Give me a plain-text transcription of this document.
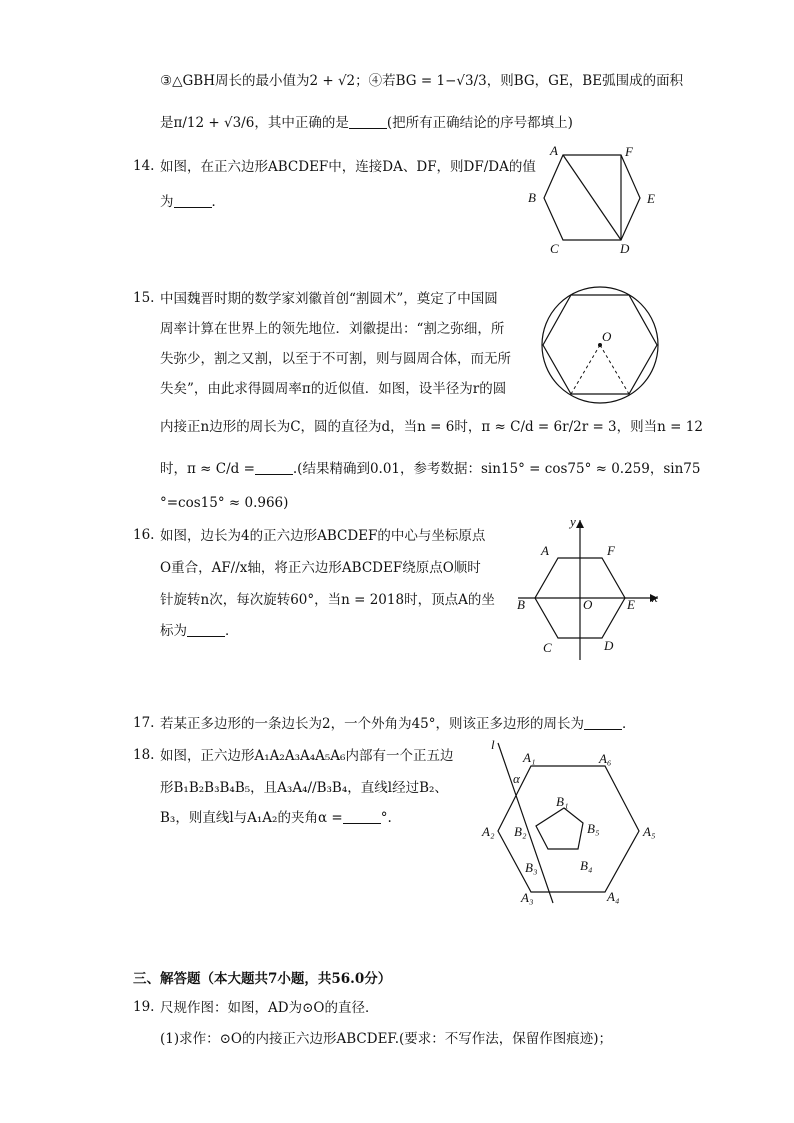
③△GBH周长的最小值为2 + √2；④若BG = 1−√3/3，则BG，GE，BE弧围成的面积
是π/12 + √3/6，其中正确的是	(把所有正确结论的序号都填上)
14. 如图，在正六边形ABCDEF中，连接DA、DF，则DF/DA的值
为	．
A	F
E
B
C	D
15. 中国魏晋时期的数学家刘徽首创“割圆术”，奠定了中国圆
周率计算在世界上的领先地位．刘徽提出：“割之弥细，所
失弥少，割之又割，以至于不可割，则与圆周合体，而无所
失矣”，由此求得圆周率π的近似值．如图，设半径为r的圆
内接正n边形的周长为C，圆的直径为d，当n = 6时，π ≈ C/d = 6r/2r = 3，则当n = 12
时，π ≈ C/d =	.(结果精确到0.01，参考数据：sin15° = cos75° ≈ 0.259，sin75
°=cos15° ≈ 0.966)
O
16. 如图，边长为4的正六边形ABCDEF的中心与坐标原点
O重合，AF//x轴，将正六边形ABCDEF绕原点O顺时
针旋转n次，每次旋转60°，当n = 2018时，顶点A的坐
标为	．
y
x
A	F
B	E
O
C	D
17. 若某正多边形的一条边长为2，一个外角为45°，则该正多边形的周长为	．
18. 如图，正六边形A₁A₂A₃A₄A₅A₆内部有一个正五边
形B₁B₂B₃B₄B₅，且A₃A₄//B₃B₄，直线l经过B₂、
B₃，则直线l与A₁A₂的夹角α =	°.
l
α
A₁	A₆
A₂	A₅
A₃	A₄
B₁
B₅
B₂
B₃	B₄
三、解答题（本大题共7小题，共56.0分）
19. 尺规作图：如图，AD为⊙O的直径．
(1)求作：⊙O的内接正六边形ABCDEF.(要求：不写作法，保留作图痕迹)；
